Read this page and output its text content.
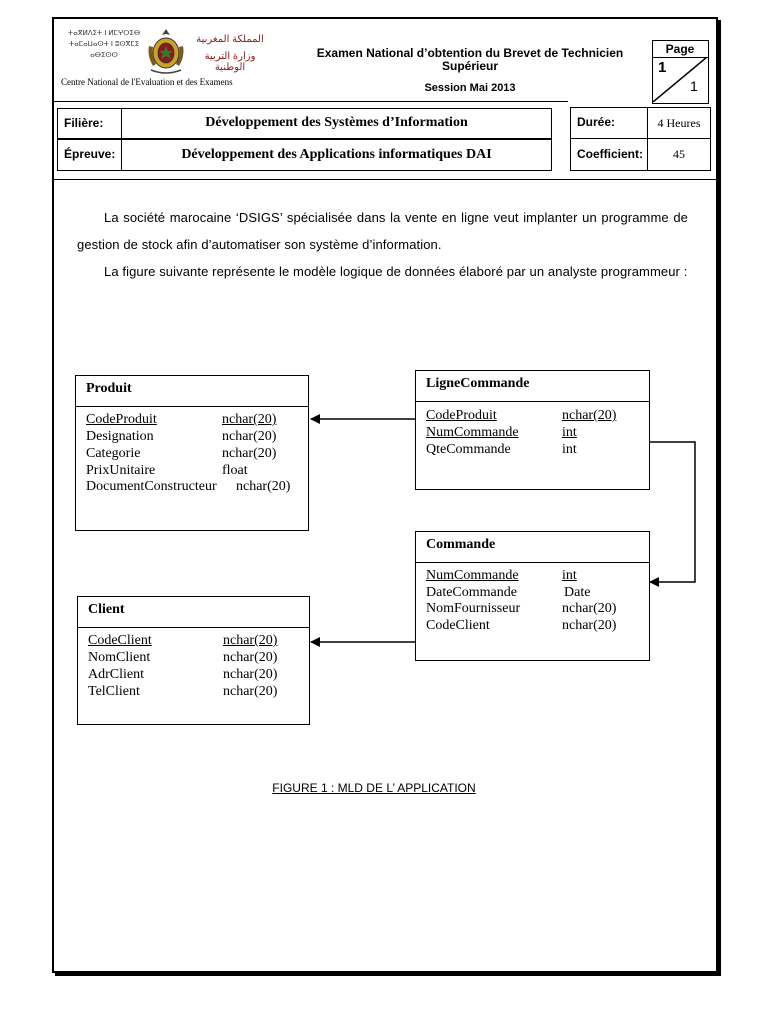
ⵜⴰⴳⵍⴷⵉⵜ ⵏ ⵍⵎⵖⵔⵉⴱ
ⵜⴰⵎⴰⵡⴰⵙⵜ ⵏ ⵓⵙⴳⵎⵉ
ⴰⴱⵉⵙⵙ
المملكة المغربية
وزارة التربية الوطنية
Centre National de l'Evaluation et des Examens
Examen National d’obtention du Brevet de Technicien Supérieur
Session Mai 2013
Page
1
1
Filière:	Développement des Systèmes d’Information
Épreuve:	Développement des Applications informatiques DAI
Durée:	4 Heures
Coefficient:	45
La société marocaine ‘DSIGS’ spécialisée dans la vente en ligne veut implanter un programme de gestion de stock afin d’automatiser son système d’information.
La figure suivante représente le modèle logique de données élaboré par un analyste programmeur :
Produit
CodeProduit	nchar(20)
Designation	nchar(20)
Categorie	nchar(20)
PrixUnitaire	float
DocumentConstructeur nchar(20)
LigneCommande
CodeProduit	nchar(20)
NumCommande	int
QteCommande	int
Commande
NumCommande	int
DateCommande	Date
NomFournisseur	nchar(20)
CodeClient	nchar(20)
Client
CodeClient	nchar(20)
NomClient	nchar(20)
AdrClient	nchar(20)
TelClient	nchar(20)
FIGURE 1 : MLD DE L’ APPLICATION
